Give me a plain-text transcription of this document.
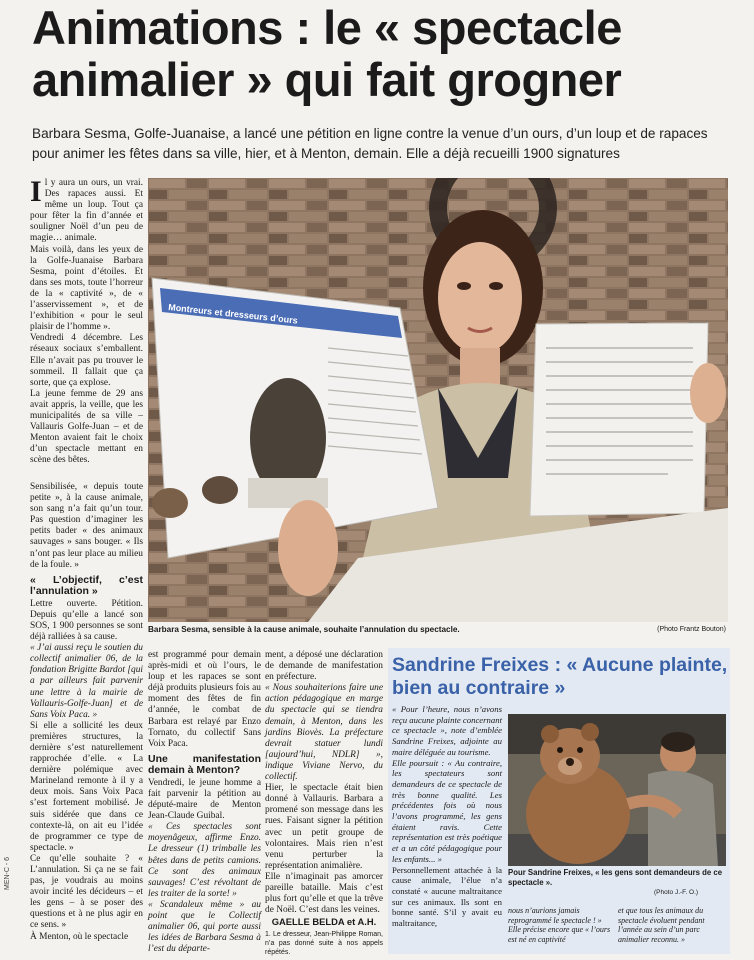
Animations : le « spectacle
animalier » qui fait grogner
Barbara Sesma, Golfe-Juanaise, a lancé une pétition en ligne contre la venue d’un ours, d’un loup et de rapaces pour animer les fêtes dans sa ville, hier, et à Menton, demain. Elle a déjà recueilli 1900 signatures
MEN-C - 6

Il y aura un ours, un vrai. Des rapaces aussi. Et même un loup. Tout ça pour fêter la fin d’année et souligner Noël d’un peu de magie… animale.

Mais voilà, dans les yeux de la Golfe-Juanaise Barbara Sesma, point d’étoiles. Et dans ses mots, toute l’horreur de la « captivité », de « l’asservissement », et de l’exhibition « pour le seul plaisir de l’homme ».

Vendredi 4 décembre. Les réseaux sociaux s’emballent. Elle n’avait pas pu trouver le sommeil. Il fallait que ça sorte, que ça explose.

La jeune femme de 29 ans avait appris, la veille, que les municipalités de sa ville – Vallauris Golfe-Juan – et de Menton avaient fait le choix d’un spectacle mettant en scène des bêtes.

Sensibilisée, « depuis toute petite », à la cause animale, son sang n’a fait qu’un tour. Pas question d’imaginer les petits bader « des animaux sauvages » sans bouger. « Ils n’ont pas leur place au milieu de la foule. »

« L’objectif, c’est l’annulation »

Lettre ouverte. Pétition. Depuis qu’elle a lancé son SOS, 1 900 personnes se sont déjà ralliées à sa cause.

« J’ai aussi reçu le soutien du collectif animalier 06, de la fondation Brigitte Bardot [qui a par ailleurs fait parvenir une lettre à la mairie de Vallauris-Golfe-Juan] et de Sans Voix Paca. »

Si elle a sollicité les deux premières structures, la dernière s’est naturellement rapprochée d’elle. « La dernière polémique avec Marineland remonte à il y a deux mois. Sans Voix Paca s’est fortement mobilisé. Je suis sidérée que dans ce contexte-là, on ait eu l’idée de programmer ce type de spectacle. »

Ce qu’elle souhaite ? « L’annulation. Si ça ne se fait pas, je voudrais au moins avoir incité les décideurs – et les gens – à se poser des questions et à ne plus agir en ce sens. »

À Menton, où le spectacle

Montreurs et dresseurs d’ours
Barbara Sesma, sensible à la cause animale, souhaite l’annulation du spectacle.	(Photo Frantz Bouton)

est programmé pour demain après-midi et où l’ours, le loup et les rapaces se sont déjà produits plusieurs fois au moment des fêtes de fin d’année, le combat de Barbara est relayé par Enzo Tornato, du collectif Sans Voix Paca.

Une manifestation demain à Menton?

Vendredi, le jeune homme a fait parvenir la pétition au député-maire de Menton Jean-Claude Guibal.

« Ces spectacles sont moyenâgeux, affirme Enzo. Le dresseur (1) trimballe les bêtes dans de petits camions. Ce sont des animaux sauvages! C’est révoltant de les traiter de la sorte! »

« Scandaleux même » au point que le Collectif animalier 06, qui porte aussi les idées de Barbara Sesma à l’est du départe-

ment, a déposé une déclaration de demande de manifestation en préfecture.

« Nous souhaiterions faire une action pédagogique en marge du spectacle qui se tiendra demain, à Menton, dans les jardins Biovès. La préfecture devrait statuer lundi [aujourd’hui, NDLR] », indique Viviane Nervo, du collectif.

Hier, le spectacle était bien donné à Vallauris. Barbara a promené son message dans les rues. Faisant signer la pétition avec un petit groupe de volontaires. Mais rien n’est venu perturber la représentation animalière.

Elle n’imaginait pas amorcer pareille bataille. Mais c’est plus fort qu’elle et que la trêve de Noël. C’est dans les veines.

GAELLE BELDA et A.H.

1. Le dresseur, Jean-Philippe Roman, n’a pas donné suite à nos appels répétés.
Sandrine Freixes : « Aucune plainte, bien au contraire »

« Pour l’heure, nous n’avons reçu aucune plainte concernant ce spectacle », note d’emblée Sandrine Freixes, adjointe au maire déléguée au tourisme.

Elle poursuit : « Au contraire, les spectateurs sont demandeurs de ce spectacle de très bonne qualité. Les précédentes fois où nous l’avons programmé, les gens étaient ravis. Cette représentation est très poétique et a un côté pédagogique pour les enfants... »

Personnellement attachée à la cause animale, l’élue n’a constaté « aucune maltraitance sur ces animaux. Ils sont en bonne santé. S’il y avait eu maltraitance,

Pour Sandrine Freixes, « les gens sont demandeurs de ce spectacle ».
(Photo J.-F. O.)

nous n’aurions jamais reprogrammé le spectacle ! » Elle précise encore que « l’ours est né en captivité

et que tous les animaux du spectacle évoluent pendant l’année au sein d’un parc animalier reconnu. »
